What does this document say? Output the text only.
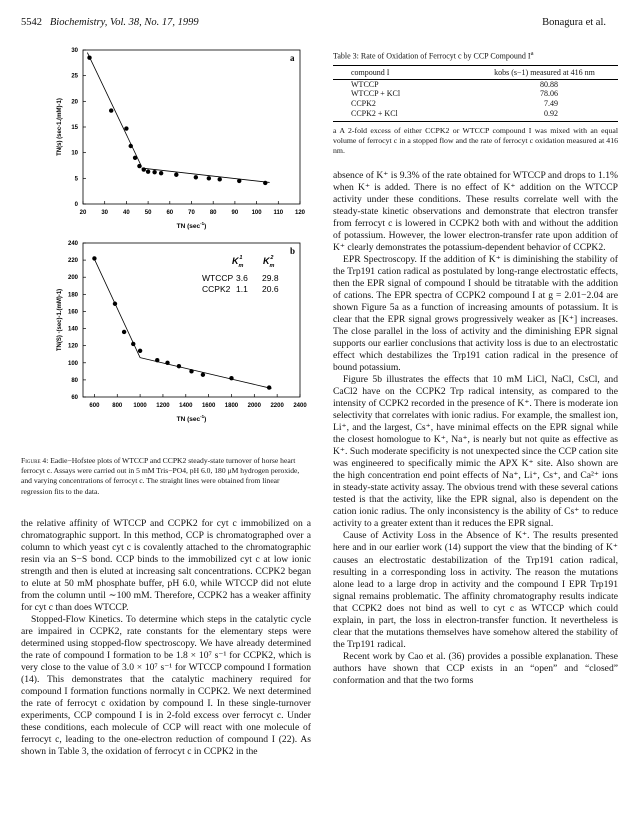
5542 Biochemistry, Vol. 38, No. 17, 1999	Bonagura et al.
20	30	40	50	60	70	80	90 100 110 120
0
5
10
15
20
25
30
a
TN $(\sec^{-1})$
TN(s) (sec-1.(mM)-1)
600 800 1000 1200 1400 1600 1800 2000 2200 2400
60
80
100
120
140
160
180
200
220
240
b
TN $(\sec^{-1})$
TN(S) ·(sec)-1.(mM)-1)
$K_m1$ $K_m2$
WTCCP 3.6 29.8
CCPK2 1.1 20.6
Figure 4: Eadie−Hofstee plots of WTCCP and CCPK2 steady-state turnover of horse heart ferrocyt c. Assays were carried out in 5 mM Tris−PO4, pH 6.0, 180 μM hydrogen peroxide, and varying concentrations of ferrocyt c. The straight lines were obtained from linear regression fits to the data.
Table 3: Rate of Oxidation of Ferrocyt c by CCP Compound $I^a$
compound I	kobs (s−1) measured at 416 nm
WTCCP	80.88
WTCCP + KCl	78.06
CCPK2	7.49
CCPK2 + KCl	0.92
a A 2-fold excess of either CCPK2 or WTCCP compound I was mixed with an equal volume of ferrocyt c in a stopped flow and the rate of ferrocyt c oxidation measured at 416 nm.

the relative affinity of WTCCP and CCPK2 for cyt c immobilized on a chromatographic support. In this method, CCP is chromatographed over a column to which yeast cyt c is covalently attached to the chromatographic resin via an S−S bond. CCP binds to the immobilized cyt c at low ionic strength and then is eluted at increasing salt concentrations. CCPK2 began to elute at 50 mM phosphate buffer, pH 6.0, while WTCCP did not elute from the column until ∼100 mM. Therefore, CCPK2 has a weaker affinity for cyt c than does WTCCP.

Stopped-Flow Kinetics. To determine which steps in the catalytic cycle are impaired in CCPK2, rate constants for the elementary steps were determined using stopped-flow spectroscopy. We have already determined the rate of compound I formation to be 1.8 × 10⁷ s⁻¹ for CCPK2, which is very close to the value of 3.0 × 10⁷ s⁻¹ for WTCCP compound I formation (14). This demonstrates that the catalytic machinery required for compound I formation functions normally in CCPK2. We next determined the rate of ferrocyt c oxidation by compound I. In these single-turnover experiments, CCP compound I is in 2-fold excess over ferrocyt c. Under these conditions, each molecule of CCP will react with one molecule of ferrocyt c, leading to the one-electron reduction of compound I (22). As shown in Table 3, the oxidation of ferrocyt c in CCPK2 in the

absence of K⁺ is 9.3% of the rate obtained for WTCCP and drops to 1.1% when K⁺ is added. There is no effect of K⁺ addition on the WTCCP activity under these conditions. These results correlate well with the steady-state kinetic observations and demonstrate that electron transfer from ferrocyt c is lowered in CCPK2 both with and without the addition of potassium. However, the lower electron-transfer rate upon addition of K⁺ clearly demonstrates the potassium-dependent behavior of CCPK2.

EPR Spectroscopy. If the addition of K⁺ is diminishing the stability of the Trp191 cation radical as postulated by long-range electrostatic effects, then the EPR signal of compound I should be titratable with the addition of cations. The EPR spectra of CCPK2 compound I at g = 2.01−2.04 are shown Figure 5a as a function of increasing amounts of potassium. It is clear that the EPR signal grows progressively weaker as [K⁺] increases. The close parallel in the loss of activity and the diminishing EPR signal supports our earlier conclusions that activity loss is due to an electrostatic effect which destabilizes the Trp191 cation radical in the presence of bound potassium.

Figure 5b illustrates the effects that 10 mM LiCl, NaCl, CsCl, and CaCl2 have on the CCPK2 Trp radical intensity, as compared to the intensity of CCPK2 recorded in the presence of K⁺. There is moderate ion selectivity that correlates with ionic radius. For example, the smallest ion, Li⁺, and the largest, Cs⁺, have minimal effects on the EPR signal while the closest homologue to K⁺, Na⁺, is nearly but not quite as effective as K⁺. Such moderate specificity is not unexpected since the CCP cation site was engineered to specifically mimic the APX K⁺ site. Also shown are the high concentration end point effects of Na⁺, Li⁺, Cs⁺, and Ca²⁺ ions in steady-state activity assay. The obvious trend with these several cations tested is that the activity, like the EPR signal, also is dependent on the cation ionic radius. The only inconsistency is the ability of Cs⁺ to reduce activity to a greater extent than it reduces the EPR signal.

Cause of Activity Loss in the Absence of K⁺. The results presented here and in our earlier work (14) support the view that the binding of K⁺ causes an electrostatic destabilization of the Trp191 cation radical, resulting in a corresponding loss in activity. The reason the mutations alone lead to a large drop in activity and the compound I EPR Trp191 signal remains problematic. The affinity chromatography results indicate that CCPK2 does not bind as well to cyt c as WTCCP which could explain, in part, the loss in electron-transfer function. It nevertheless is clear that the mutations themselves have somehow altered the stability of the Trp191 radical.

Recent work by Cao et al. (36) provides a possible explanation. These authors have shown that CCP exists in an “open” and “closed” conformation and that the two forms
